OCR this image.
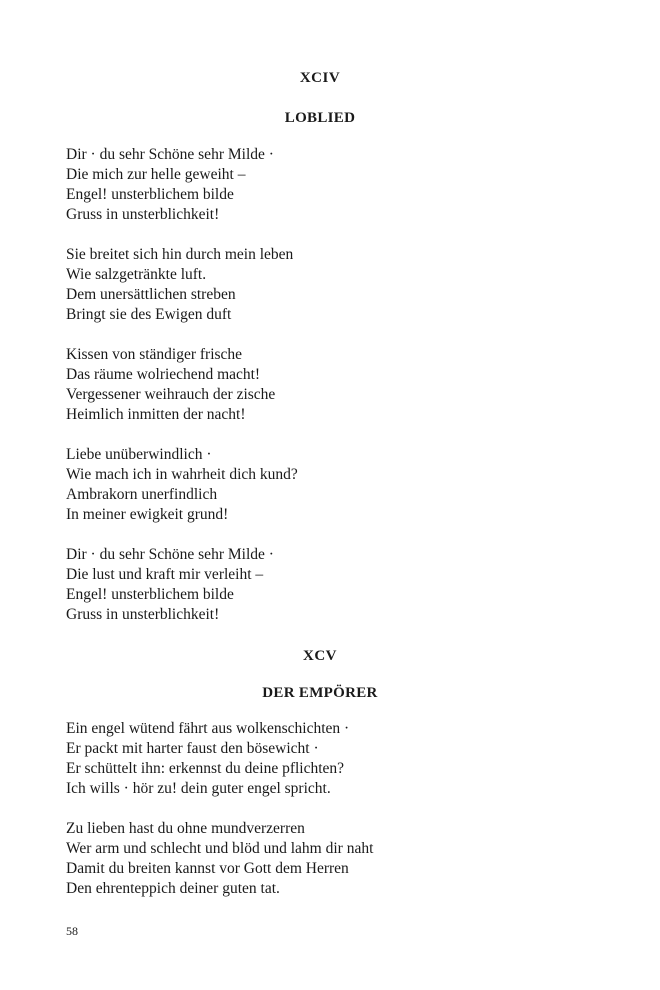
XCIV
LOBLIED
Dir · du sehr Schöne sehr Milde ·
Die mich zur helle geweiht –
Engel! unsterblichem bilde
Gruss in unsterblichkeit!
Sie breitet sich hin durch mein leben
Wie salzgetränkte luft.
Dem unersättlichen streben
Bringt sie des Ewigen duft
Kissen von ständiger frische
Das räume wolriechend macht!
Vergessener weihrauch der zische
Heimlich inmitten der nacht!
Liebe unüberwindlich ·
Wie mach ich in wahrheit dich kund?
Ambrakorn unerfindlich
In meiner ewigkeit grund!
Dir · du sehr Schöne sehr Milde ·
Die lust und kraft mir verleiht –
Engel! unsterblichem bilde
Gruss in unsterblichkeit!
XCV
DER EMPÖRER
Ein engel wütend fährt aus wolkenschichten ·
Er packt mit harter faust den bösewicht ·
Er schüttelt ihn: erkennst du deine pflichten?
Ich wills · hör zu! dein guter engel spricht.
Zu lieben hast du ohne mundverzerren
Wer arm und schlecht und blöd und lahm dir naht
Damit du breiten kannst vor Gott dem Herren
Den ehrenteppich deiner guten tat.
58
